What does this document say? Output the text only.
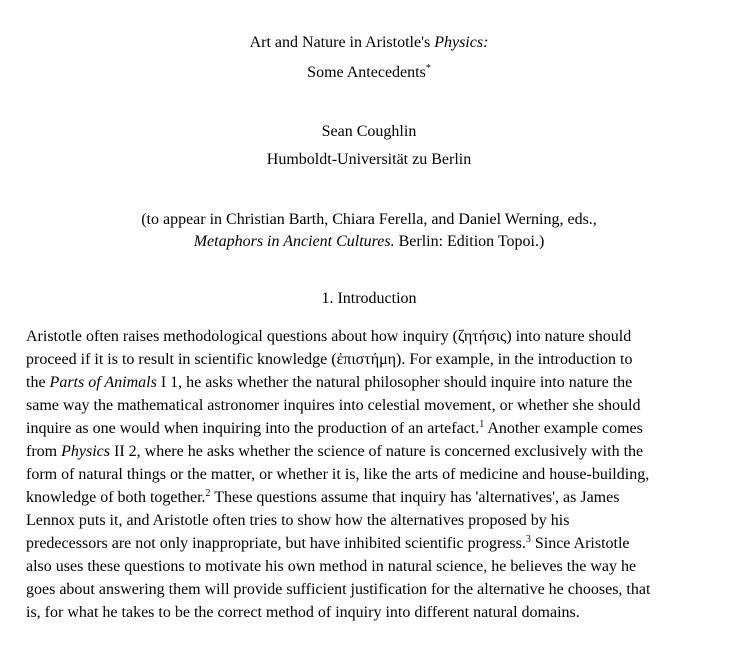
Art and Nature in Aristotle's Physics:
Some Antecedents*
Sean Coughlin
Humboldt-Universität zu Berlin
(to appear in Christian Barth, Chiara Ferella, and Daniel Werning, eds.,
Metaphors in Ancient Cultures. Berlin: Edition Topoi.)
1. Introduction
Aristotle often raises methodological questions about how inquiry (ζητήσις) into nature should
proceed if it is to result in scientific knowledge (ἐπιστήμη). For example, in the introduction to
the Parts of Animals I 1, he asks whether the natural philosopher should inquire into nature the
same way the mathematical astronomer inquires into celestial movement, or whether she should
inquire as one would when inquiring into the production of an artefact.$^1$ Another example comes
from Physics II 2, where he asks whether the science of nature is concerned exclusively with the
form of natural things or the matter, or whether it is, like the arts of medicine and house-building,
knowledge of both together.$^2$ These questions assume that inquiry has 'alternatives', as James
Lennox puts it, and Aristotle often tries to show how the alternatives proposed by his
predecessors are not only inappropriate, but have inhibited scientific progress.$^3$ Since Aristotle
also uses these questions to motivate his own method in natural science, he believes the way he
goes about answering them will provide sufficient justification for the alternative he chooses, that
is, for what he takes to be the correct method of inquiry into different natural domains.
